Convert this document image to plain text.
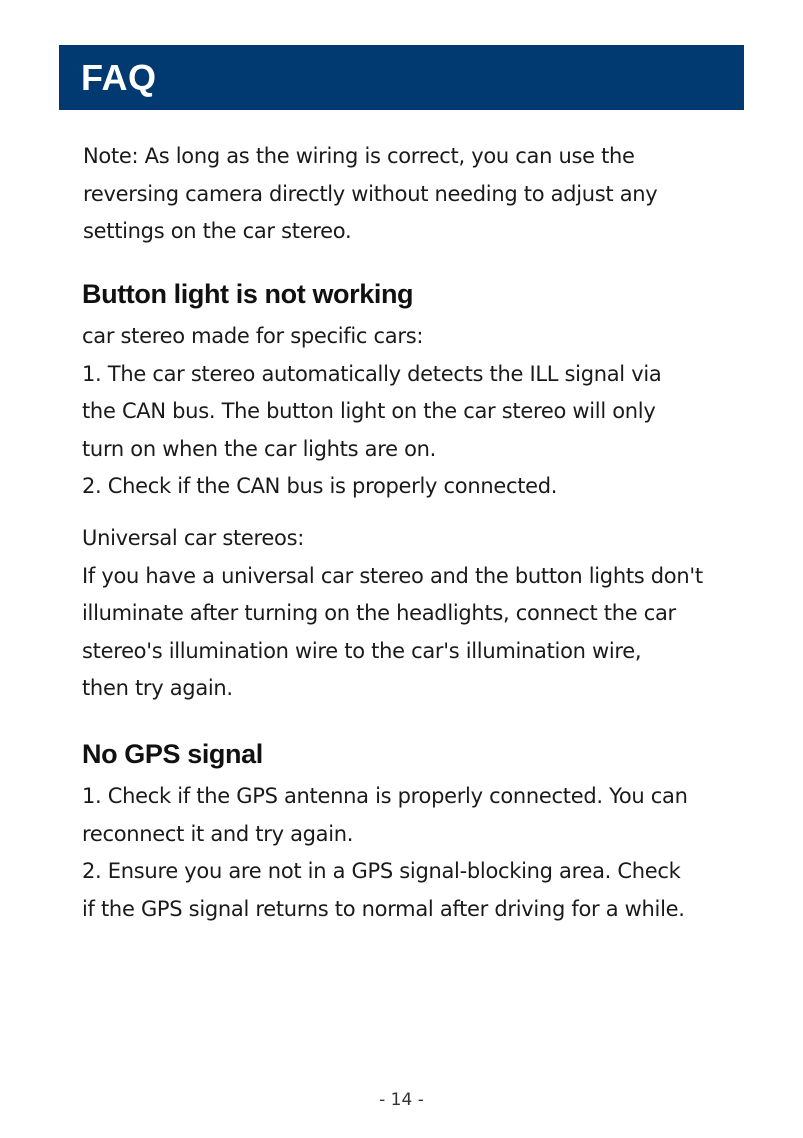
FAQ

Note: As long as the wiring is correct, you can use the

reversing camera directly without needing to adjust any

settings on the car stereo.

Button light is not working

car stereo made for specific cars:

1. The car stereo automatically detects the ILL signal via

the CAN bus. The button light on the car stereo will only

turn on when the car lights are on.

2. Check if the CAN bus is properly connected.

Universal car stereos:

If you have a universal car stereo and the button lights don't

illuminate after turning on the headlights, connect the car

stereo's illumination wire to the car's illumination wire,

then try again.

No GPS signal

1. Check if the GPS antenna is properly connected. You can

reconnect it and try again.

2. Ensure you are not in a GPS signal-blocking area. Check

if the GPS signal returns to normal after driving for a while.

- 14 -
